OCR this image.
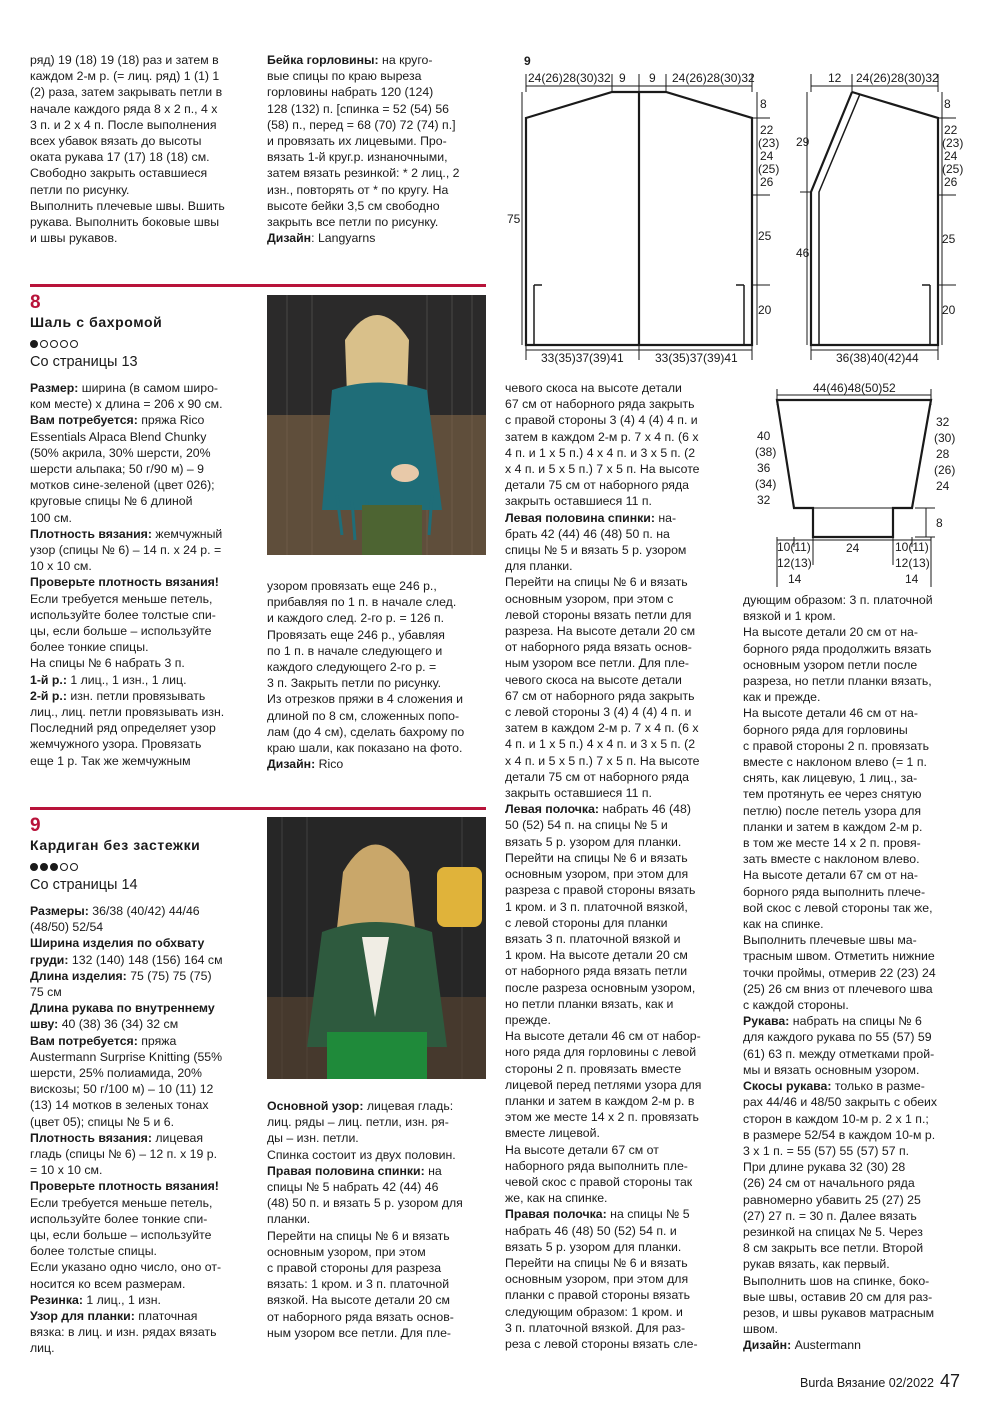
ряд) 19 (18) 19 (18) раз и затем в

каждом 2-м р. (= лиц. ряд) 1 (1) 1

(2) раза, затем закрывать петли в

начале каждого ряда 8 х 2 п., 4 х

3 п. и 2 х 4 п. После выполнения

всех убавок вязать до высоты

оката рукава 17 (17) 18 (18) см.

Свободно закрыть оставшиеся

петли по рисунку.

Выполнить плечевые швы. Вшить

рукава. Выполнить боковые швы

и швы рукавов.

Бейка горловины: на круго-

вые спицы по краю выреза

горловины набрать 120 (124)

128 (132) п. [спинка = 52 (54) 56

(58) п., перед = 68 (70) 72 (74) п.]

и провязать их лицевыми. Про-

вязать 1-й круг.р. изнаночными,

затем вязать резинкой: * 2 лиц., 2

изн., повторять от * по кругу. На

высоте бейки 3,5 см свободно

закрыть все петли по рисунку.

Дизайн: Langyarns

8
Шаль с бахромой
Со страницы 13

Размер: ширина (в самом широ-

ком месте) х длина = 206 х 90 см.

Вам потребуется: пряжа Rico

Essentials Alpaca Blend Chunky

(50% акрила, 30% шерсти, 20%

шерсти альпака; 50 г/90 м) – 9

мотков сине-зеленой (цвет 026);

круговые спицы № 6 длиной

100 см.

Плотность вязания: жемчужный

узор (спицы № 6) – 14 п. х 24 р. =

10 х 10 см.

Проверьте плотность вязания!

Если требуется меньше петель,

используйте более толстые спи-

цы, если больше – используйте

более тонкие спицы.

На спицы № 6 набрать 3 п.

1-й р.: 1 лиц., 1 изн., 1 лиц.

2-й р.: изн. петли провязывать

лиц., лиц. петли провязывать изн.

Последний ряд определяет узор

жемчужного узора. Провязать

еще 1 р. Так же жемчужным

узором провязать еще 246 р.,

прибавляя по 1 п. в начале след.

и каждого след. 2-го р. = 126 п.

Провязать еще 246 р., убавляя

по 1 п. в начале следующего и

каждого следующего 2-го р. =

3 п. Закрыть петли по рисунку.

Из отрезков пряжи в 4 сложения и

длиной по 8 см, сложенных попо-

лам (до 4 см), сделать бахрому по

краю шали, как показано на фото.

Дизайн: Rico

9
Кардиган без застежки
Со страницы 14

Размеры: 36/38 (40/42) 44/46

(48/50) 52/54

Ширина изделия по обхвату

груди: 132 (140) 148 (156) 164 см

Длина изделия: 75 (75) 75 (75)

75 см

Длина рукава по внутреннему

шву: 40 (38) 36 (34) 32 см

Вам потребуется: пряжа

Austermann Surprise Knitting (55%

шерсти, 25% полиамида, 20%

вискозы; 50 г/100 м) – 10 (11) 12

(13) 14 мотков в зеленых тонах

(цвет 05); спицы № 5 и 6.

Плотность вязания: лицевая

гладь (спицы № 6) – 12 п. х 19 р.

= 10 х 10 см.

Проверьте плотность вязания!

Если требуется меньше петель,

используйте более тонкие спи-

цы, если больше – используйте

более толстые спицы.

Если указано одно число, оно от-

носится ко всем размерам.

Резинка: 1 лиц., 1 изн.

Узор для планки: платочная

вязка: в лиц. и изн. рядах вязать

лиц.

Основной узор: лицевая гладь:

лиц. ряды – лиц. петли, изн. ря-

ды – изн. петли.

Спинка состоит из двух половин.

Правая половина спинки: на

спицы № 5 набрать 42 (44) 46

(48) 50 п. и вязать 5 р. узором для

планки.

Перейти на спицы № 6 и вязать

основным узором, при этом

с правой стороны для разреза

вязать: 1 кром. и 3 п. платочной

вязкой. На высоте детали 20 см

от наборного ряда вязать основ-

ным узором все петли. Для пле-

чевого скоса на высоте детали

67 см от наборного ряда закрыть

с правой стороны 3 (4) 4 (4) 4 п. и

затем в каждом 2-м р. 7 х 4 п. (6 х

4 п. и 1 х 5 п.) 4 х 4 п. и 3 х 5 п. (2

х 4 п. и 5 х 5 п.) 7 х 5 п. На высоте

детали 75 см от наборного ряда

закрыть оставшиеся 11 п.

Левая половина спинки: на-

брать 42 (44) 46 (48) 50 п. на

спицы № 5 и вязать 5 р. узором

для планки.

Перейти на спицы № 6 и вязать

основным узором, при этом с

левой стороны вязать петли для

разреза. На высоте детали 20 см

от наборного ряда вязать основ-

ным узором все петли. Для пле-

чевого скоса на высоте детали

67 см от наборного ряда закрыть

с левой стороны 3 (4) 4 (4) 4 п. и

затем в каждом 2-м р. 7 х 4 п. (6 х

4 п. и 1 х 5 п.) 4 х 4 п. и 3 х 5 п. (2

х 4 п. и 5 х 5 п.) 7 х 5 п. На высоте

детали 75 см от наборного ряда

закрыть оставшиеся 11 п.

Левая полочка: набрать 46 (48)

50 (52) 54 п. на спицы № 5 и

вязать 5 р. узором для планки.

Перейти на спицы № 6 и вязать

основным узором, при этом для

разреза с правой стороны вязать

1 кром. и 3 п. платочной вязкой,

с левой стороны для планки

вязать 3 п. платочной вязкой и

1 кром. На высоте детали 20 см

от наборного ряда вязать петли

после разреза основным узором,

но петли планки вязать, как и

прежде.

На высоте детали 46 см от набор-

ного ряда для горловины с левой

стороны 2 п. провязать вместе

лицевой перед петлями узора для

планки и затем в каждом 2-м р. в

этом же месте 14 х 2 п. провязать

вместе лицевой.

На высоте детали 67 см от

наборного ряда выполнить пле-

чевой скос с правой стороны так

же, как на спинке.

Правая полочка: на спицы № 5

набрать 46 (48) 50 (52) 54 п. и

вязать 5 р. узором для планки.

Перейти на спицы № 6 и вязать

основным узором, при этом для

планки с правой стороны вязать

следующим образом: 1 кром. и

3 п. платочной вязкой. Для раз-

реза с левой стороны вязать сле-

дующим образом: 3 п. платочной

вязкой и 1 кром.

На высоте детали 20 см от на-

борного ряда продолжить вязать

основным узором петли после

разреза, но петли планки вязать,

как и прежде.

На высоте детали 46 см от на-

борного ряда для горловины

с правой стороны 2 п. провязать

вместе с наклоном влево (= 1 п.

снять, как лицевую, 1 лиц., за-

тем протянуть ее через снятую

петлю) после петель узора для

планки и затем в каждом 2-м р.

в том же месте 14 х 2 п. провя-

зать вместе с наклоном влево.

На высоте детали 67 см от на-

борного ряда выполнить плече-

вой скос с левой стороны так же,

как на спинке.

Выполнить плечевые швы ма-

трасным швом. Отметить нижние

точки проймы, отмерив 22 (23) 24

(25) 26 см вниз от плечевого шва

с каждой стороны.

Рукава: набрать на спицы № 6

для каждого рукава по 55 (57) 59

(61) 63 п. между отметками прой-

мы и вязать основным узором.

Скосы рукава: только в разме-

рах 44/46 и 48/50 закрыть с обеих

сторон в каждом 10-м р. 2 х 1 п.;

в размере 52/54 в каждом 10-м р.

3 х 1 п. = 55 (57) 55 (57) 57 п.

При длине рукава 32 (30) 28

(26) 24 см от начального ряда

равномерно убавить 25 (27) 25

(27) 27 п. = 30 п. Далее вязать

резинкой на спицах № 5. Через

8 см закрыть все петли. Второй

рукав вязать, как первый.

Выполнить шов на спинке, боко-

вые швы, оставив 20 см для раз-

резов, и швы рукавов матрасным

швом.

Дизайн: Austermann

9
24(26)28(30)32 9 9 24(26)28(30)32
75
33(35)37(39)41	33(35)37(39)41
8
22
(23)
24
(25)
26
25
20
12 24(26)28(30)32
29
46
36(38)40(42)44
8
22
(23)
24
(25)
26
25
20
44(46)48(50)52
40
(38)
36
(34)
32
32
(30)
28
(26)
24
8
24
10(11)
12(13)
14
10(11)
12(13)
14
Burda Вязание 02/2022 47
